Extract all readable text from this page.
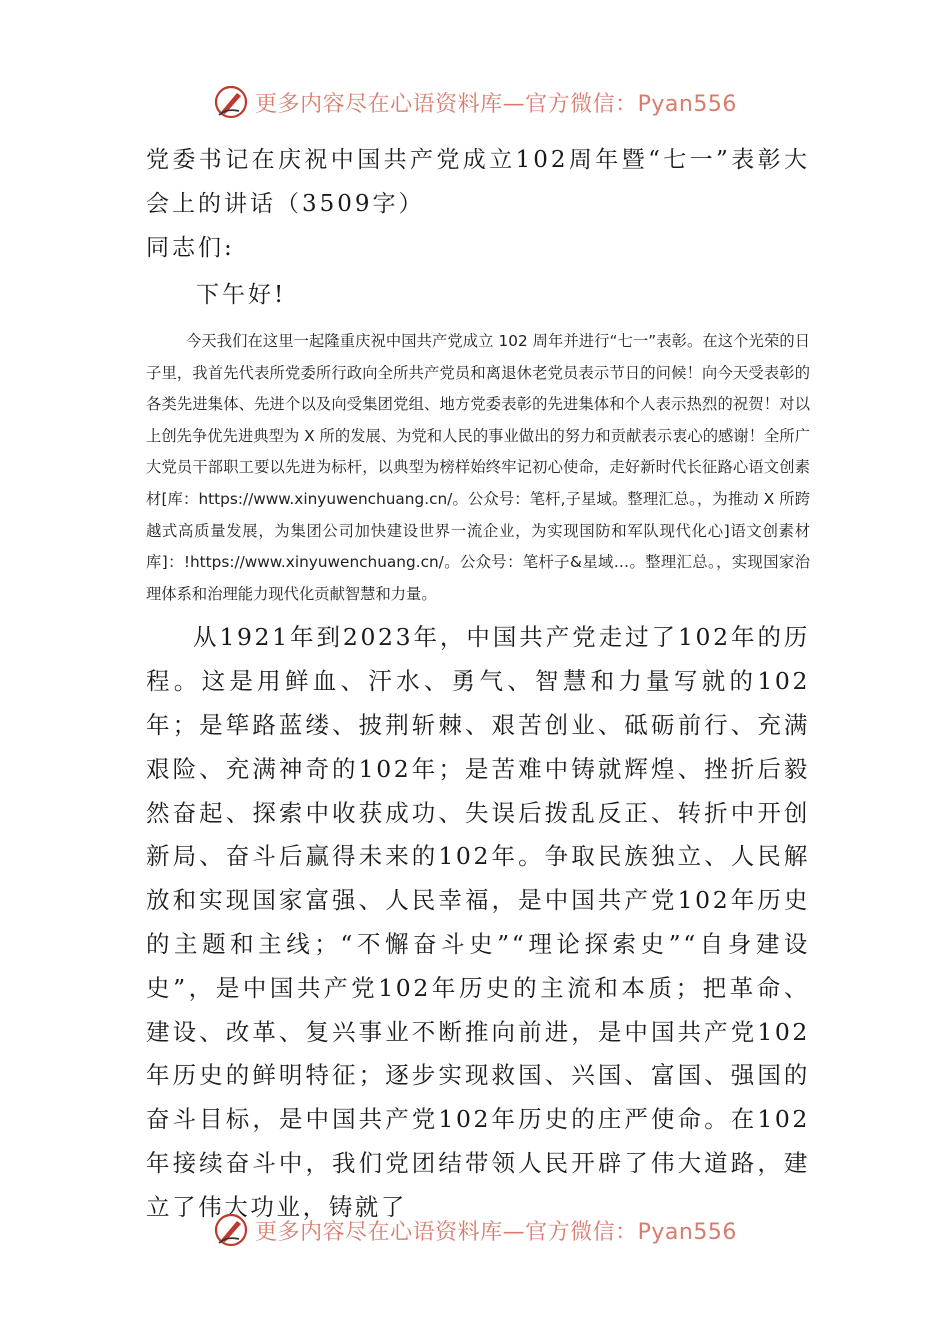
更多内容尽在心语资料库—官方微信：Pyan556
党委书记在庆祝中国共产党成立102周年暨“七一”表彰大会上的讲话（3509字）

同志们:

下午好!

今天我们在这里一起隆重庆祝中国共产党成立 102 周年并进行“七一”表彰。在这个光荣的日子里，我首先代表所党委所行政向全所共产党员和离退休老党员表示节日的问候！向今天受表彰的各类先进集体、先进个以及向受集团党组、地方党委表彰的先进集体和个人表示热烈的祝贺！对以上创先争优先进典型为 X 所的发展、为党和人民的事业做出的努力和贡献表示衷心的感谢！全所广大党员干部职工要以先进为标杆，以典型为榜样始终牢记初心使命，走好新时代长征路心语文创素材[库：https://www.xinyuwenchuang.cn/。公众号：笔杆,子星域。整理汇总。，为推动 X 所跨越式高质量发展，为集团公司加快建设世界一流企业，为实现国防和军队现代化心]语文创素材库]：!https://www.xinyuwenchuang.cn/。公众号：笔杆子&星域…。整理汇总。，实现国家治理体系和治理能力现代化贡献智慧和力量。

从1921年到2023年，中国共产党走过了102年的历程。这是用鲜血、汗水、勇气、智慧和力量写就的102年；是筚路蓝缕、披荆斩棘、艰苦创业、砥砺前行、充满艰险、充满神奇的102年；是苦难中铸就辉煌、挫折后毅然奋起、探索中收获成功、失误后拨乱反正、转折中开创新局、奋斗后赢得未来的102年。争取民族独立、人民解放和实现国家富强、人民幸福，是中国共产党102年历史的主题和主线；“不懈奋斗史”“理论探索史”“自身建设史”，是中国共产党102年历史的主流和本质；把革命、建设、改革、复兴事业不断推向前进，是中国共产党102年历史的鲜明特征；逐步实现救国、兴国、富国、强国的奋斗目标，是中国共产党102年历史的庄严使命。在102年接续奋斗中，我们党团结带领人民开辟了伟大道路，建立了伟大功业，铸就了

更多内容尽在心语资料库—官方微信：Pyan556
